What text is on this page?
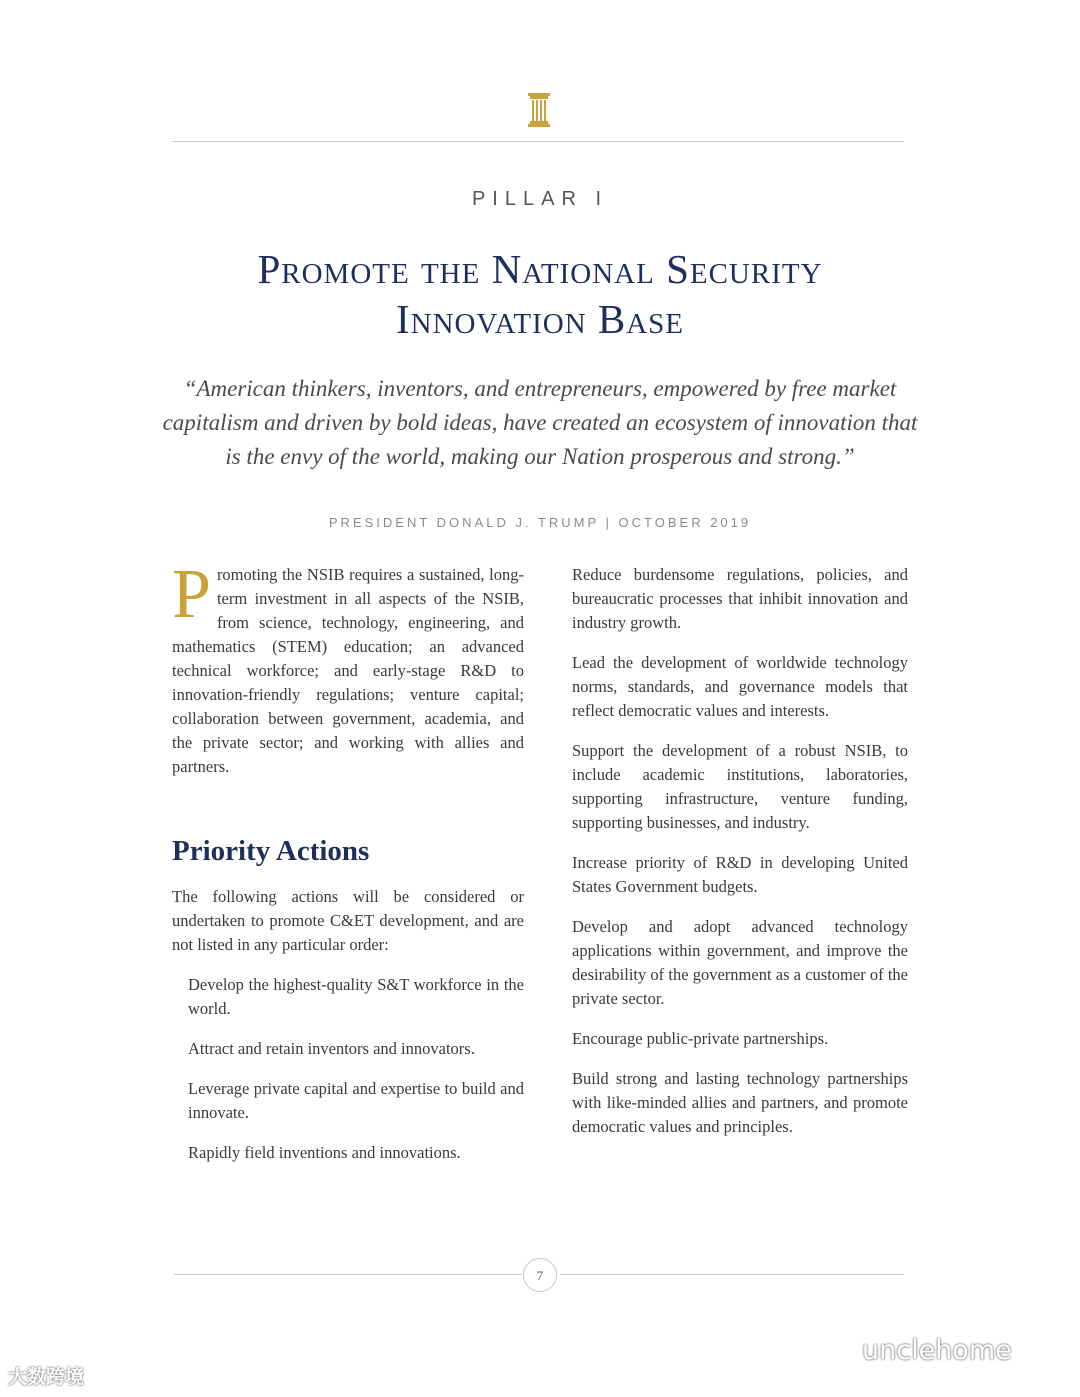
PILLAR I
Promote the National Security
Innovation Base
“American thinkers, inventors, and entrepreneurs, empowered by free market capitalism and driven by bold ideas, have created an ecosystem of innovation that is the envy of the world, making our Nation prosperous and strong.”
PRESIDENT DONALD J. TRUMP | OCTOBER 2019

Promoting the NSIB requires a sustained, long-term investment in all aspects of the NSIB, from science, technology, engineering, and mathematics (STEM) education; an advanced technical workforce; and early-stage R&D to innovation-friendly regulations; venture capital; collaboration between government, academia, and the private sector; and working with allies and partners.

Priority Actions

The following actions will be considered or undertaken to promote C&ET development, and are not listed in any particular order:

Develop the highest-quality S&T workforce in the world.

Attract and retain inventors and innovators.

Leverage private capital and expertise to build and innovate.

Rapidly field inventions and innovations.

Reduce burdensome regulations, policies, and bureaucratic processes that inhibit innovation and industry growth.

Lead the development of worldwide technology norms, standards, and governance models that reflect democratic values and interests.

Support the development of a robust NSIB, to include academic institutions, laboratories, supporting infrastructure, venture funding, supporting businesses, and industry.

Increase priority of R&D in developing United States Government budgets.

Develop and adopt advanced technology applications within government, and improve the desirability of the government as a customer of the private sector.

Encourage public-private partnerships.

Build strong and lasting technology partnerships with like-minded allies and partners, and promote democratic values and principles.

7
大数跨境
unclehome
